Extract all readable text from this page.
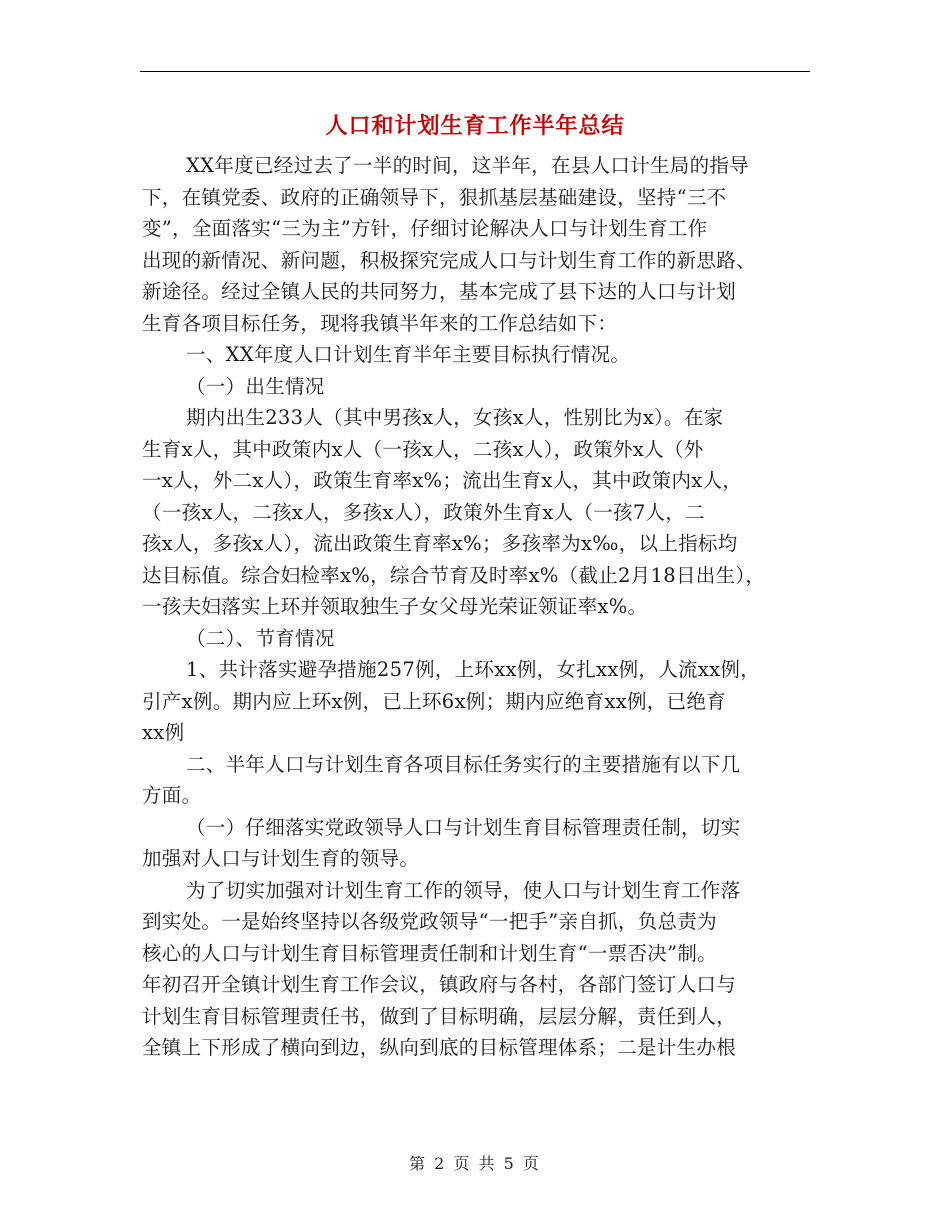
人口和计划生育工作半年总结
XX年度已经过去了一半的时间，这半年，在县人口计生局的指导
下，在镇党委、政府的正确领导下，狠抓基层基础建设，坚持“三不
变”，全面落实“三为主”方针，仔细讨论解决人口与计划生育工作
出现的新情况、新问题，积极探究完成人口与计划生育工作的新思路、
新途径。经过全镇人民的共同努力，基本完成了县下达的人口与计划
生育各项目标任务，现将我镇半年来的工作总结如下：
一、XX年度人口计划生育半年主要目标执行情况。
（一）出生情况
期内出生233人（其中男孩x人，女孩x人，性别比为x）。在家
生育x人，其中政策内x人（一孩x人，二孩x人），政策外x人（外
一x人，外二x人），政策生育率x%；流出生育x人，其中政策内x人，
（一孩x人，二孩x人，多孩x人），政策外生育x人（一孩7人，二
孩x人，多孩x人），流出政策生育率x%；多孩率为x‰，以上指标均
达目标值。综合妇检率x%，综合节育及时率x%（截止2月18日出生），
一孩夫妇落实上环并领取独生子女父母光荣证领证率x%。
（二）、节育情况
1、共计落实避孕措施257例，上环xx例，女扎xx例，人流xx例，
引产x例。期内应上环x例，已上环6x例；期内应绝育xx例，已绝育
xx例
二、半年人口与计划生育各项目标任务实行的主要措施有以下几
方面。
（一）仔细落实党政领导人口与计划生育目标管理责任制，切实
加强对人口与计划生育的领导。
为了切实加强对计划生育工作的领导，使人口与计划生育工作落
到实处。一是始终坚持以各级党政领导“一把手”亲自抓，负总责为
核心的人口与计划生育目标管理责任制和计划生育“一票否决”制。
年初召开全镇计划生育工作会议，镇政府与各村，各部门签订人口与
计划生育目标管理责任书，做到了目标明确，层层分解，责任到人，
全镇上下形成了横向到边，纵向到底的目标管理体系；二是计生办根
第 2 页 共 5 页
